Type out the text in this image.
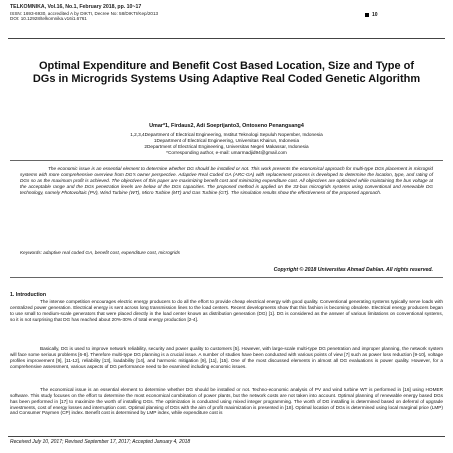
TELKOMNIKA, Vol.16, No.1, February 2018, pp. 10~17
ISSN: 1693-6930, accredited A by DIKTI, Decree No: 58/DIKTI/Kep/2013
DOI: 10.12928/telkomnika.v16i1.6761
10
Optimal Expenditure and Benefit Cost Based Location, Size and Type of DGs in Microgrids Systems Using Adaptive Real Coded Genetic Algorithm
Umar*1, Firdaus2, Adi Soeprijanto3, Ontoseno Penangsang4
1,2,3,4Department of Electrical Engineering, Institut Teknologi Sepuluh Nopember, Indonesia
1Department of Electrical Engineering, Universitas Khairun, Indonesia
2Department of Electrical Engineering, Universitas Negeri Makassar, Indonesia
*Corresponding author, e-mail: umarmadjid94@gmail.com
The economic issue is an essential element to determine whether DG should be installed or not. This work presents the economical approach for multi-type DGs placement in microgrid systems with more comprehensive overview from DG's owner perspective. Adaptive Real Coded GA (ARC-GA) with replacement process is developed to determine the location, type, and rating of DGs so as the maximum profit is achieved. The objectives of this paper are maximizing benefit cost and minimizing expenditure cost. All objectives are optimized while maintaining the bus voltage at the acceptable range and the DGs penetration levels are below of the DGs capacities. The proposed method is applied on the 33-bus microgrids systems using conventional and renewable DG technology, namely Photovoltaic (PV), Wind Turbine (WT), Micro Turbine (MT) and Gas Turbine (GT). The simulation results show the effectiveness of the proposed approach.
Keywords: adaptive real coded GA, benefit cost, expenditure cost, microgrids
Copyright © 2018 Universitas Ahmad Dahlan. All rights reserved.
1. Introduction
The intense competition encourages electric energy producers to do all the effort to provide cheap electrical energy with good quality. Conventional generating systems typically serve loads with centralized power generation. Electrical energy is sent across long transmission lines to the load centers. Recent developments show that this fashion is becoming obsolete. Electrical energy producers began to use small to medium-scale generators that were placed directly in the load center known as distribution generation (DG) [1]. DG is considered as the answer of various limitations on conventional systems, so it is not surprising that DG has reached about 20%-30% of total energy production [2-4].
Basically, DG is used to improve network reliability, security and power quality to customers [5]. However, with large-scale multi-type DG penetration and improper planning, the network system will face some serious problems [6-8]. Therefore multi-type DG planning is a crucial issue. A number of studies have been conducted with various points of view [7] such as power loss reduction [9-10], voltage profiles improvement [9], [11-12], reliability [13], loadability [14], and harmonic mitigation [9], [11], [15]. One of the most discussed elements in almost all DG evaluations is power quality. However, for a comprehensive assessment, various aspects of DG performance need to be examined including economic issues.
The economical issue is an essential element to determine whether DG should be installed or not. Techno-economic analysis of PV and wind turbine WT is performed in [16] using HOMER software. This study focuses on the effort to determine the most economical combination of power plants, but the network costs are not taken into account. Optimal planning of renewable energy based DGs has been performed in [17] to maximize the worth of installing DGs. The optimization is conducted using mixed integer programming. The worth of DG installing is determined based on deferral of upgrade investments, cost of energy losses and interruption cost. Optimal planning of DGs with the aim of profit maximization is presented in [18]. Optimal location of DGs is determined using local marginal price (LMP) and Consumer Paymen (CP) index. Benefit cost is determined by LMP index, while expenditure cost is
Received July 10, 2017; Revised September 17, 2017; Accepted January 4, 2018
